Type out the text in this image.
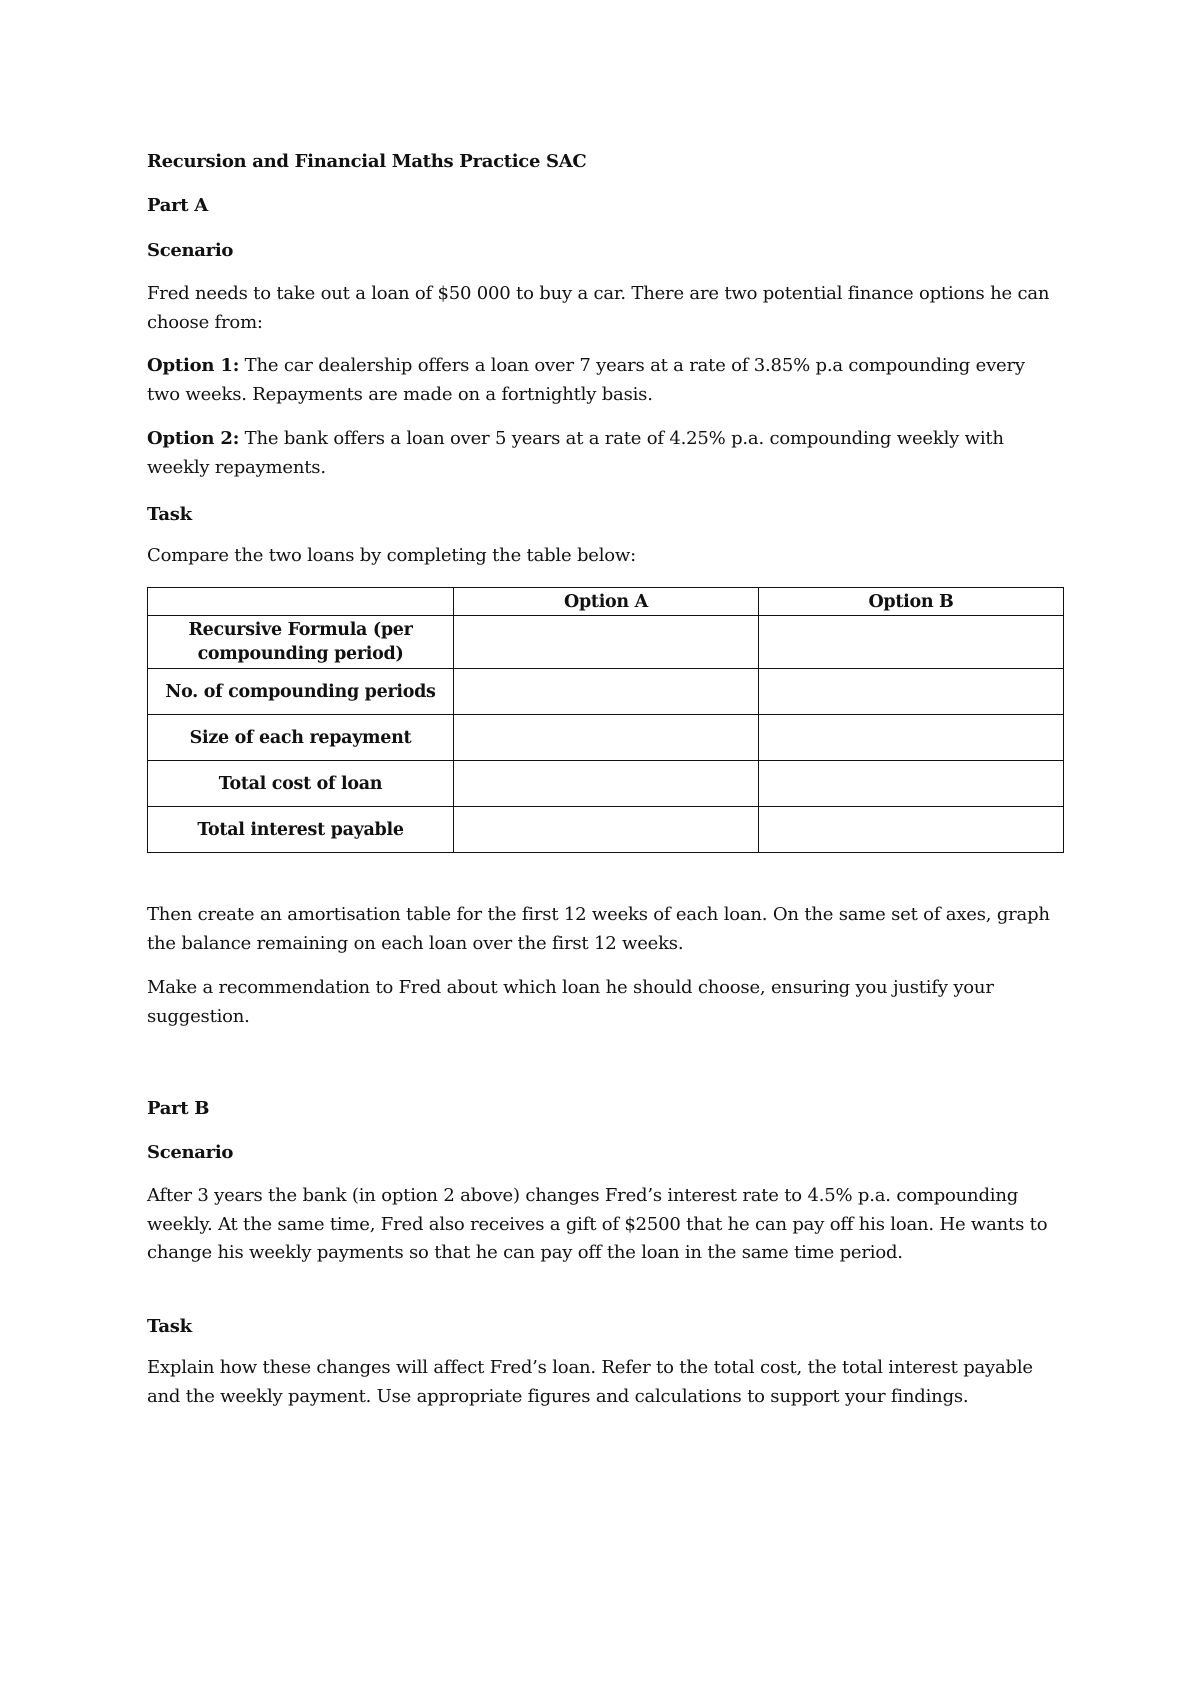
Recursion and Financial Maths Practice SAC

Part A

Scenario

Fred needs to take out a loan of $50 000 to buy a car. There are two potential finance options he can choose from:

Option 1: The car dealership offers a loan over 7 years at a rate of 3.85% p.a compounding every two weeks. Repayments are made on a fortnightly basis.

Option 2: The bank offers a loan over 5 years at a rate of 4.25% p.a. compounding weekly with weekly repayments.

Task

Compare the two loans by completing the table below:

	Option A	Option B
Recursive Formula (per compounding period)		
No. of compounding periods		
Size of each repayment		
Total cost of loan		
Total interest payable		

Then create an amortisation table for the first 12 weeks of each loan. On the same set of axes, graph the balance remaining on each loan over the first 12 weeks.

Make a recommendation to Fred about which loan he should choose, ensuring you justify your suggestion.

Part B

Scenario

After 3 years the bank (in option 2 above) changes Fred’s interest rate to 4.5% p.a. compounding weekly. At the same time, Fred also receives a gift of $2500 that he can pay off his loan. He wants to change his weekly payments so that he can pay off the loan in the same time period.

Task

Explain how these changes will affect Fred’s loan. Refer to the total cost, the total interest payable and the weekly payment. Use appropriate figures and calculations to support your findings.
